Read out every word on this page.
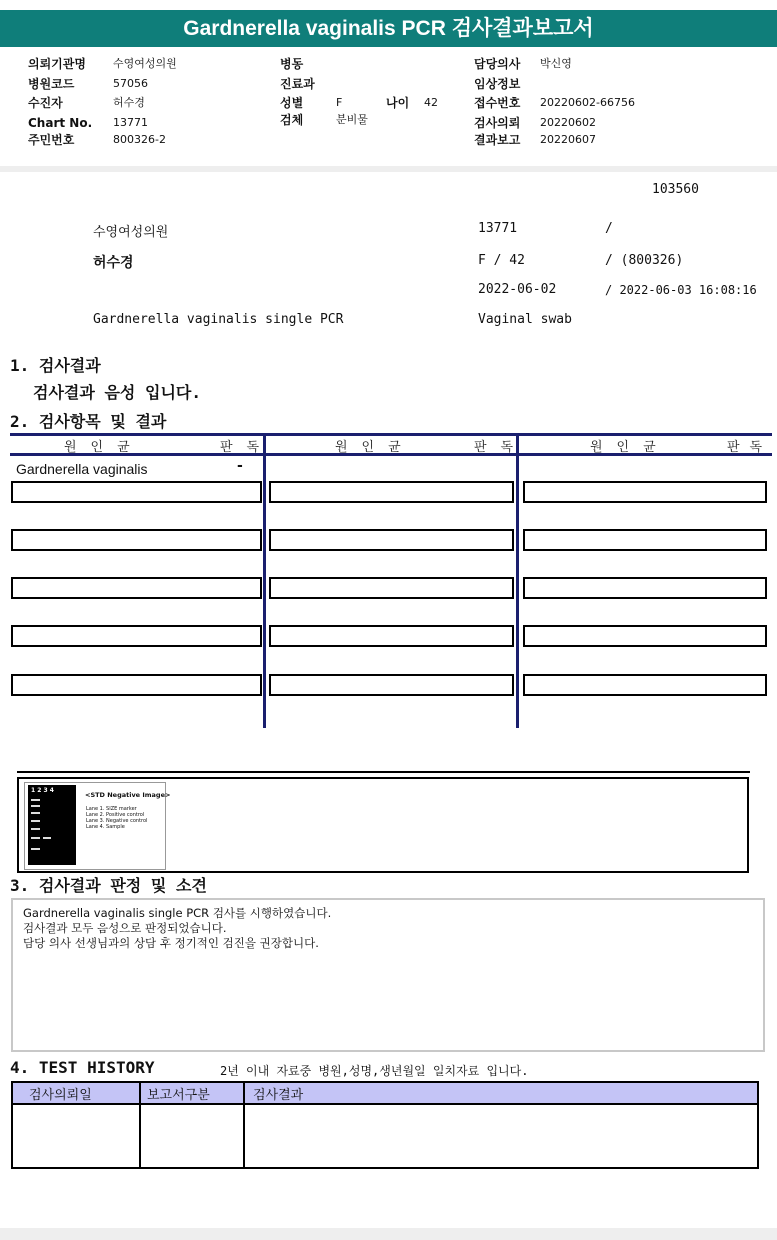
Gardnerella vaginalis PCR 검사결과보고서
의뢰기관명 수영여성의원
병원코드	57056
수진자	허수경
Chart No. 13771
주민번호	800326-2
병동
진료과
성별	F	나이 42
검체	분비물
담당의사 박신영
임상정보
접수번호 20220602-66756
검사의뢰 20220602
결과보고 20220607
103560
수영여성의원	13771	/
허수경	F / 42	/ (800326)
2022-06-02	/ 2022-06-03 16:08:16
Gardnerella vaginalis single PCR	Vaginal swab
1. 검사결과
검사결과 음성 입니다.
2. 검사항목 및 결과
원인균	판독	원인균	판독	원인균	판독
Gardnerella vaginalis	-
1 2 3 4
<STD Negative Image>
Lane 1. SIZE marker
Lane 2. Positive control
Lane 3. Negative control
Lane 4. Sample
3. 검사결과 판정 및 소견
Gardnerella vaginalis single PCR 검사를 시행하였습니다.
검사결과 모두 음성으로 판정되었습니다.
담당 의사 선생님과의 상담 후 정기적인 검진을 권장합니다.
4. TEST HISTORY	2년 이내 자료중 병원,성명,생년월일 일치자료 입니다.
검사의뢰일	보고서구분	검사결과
